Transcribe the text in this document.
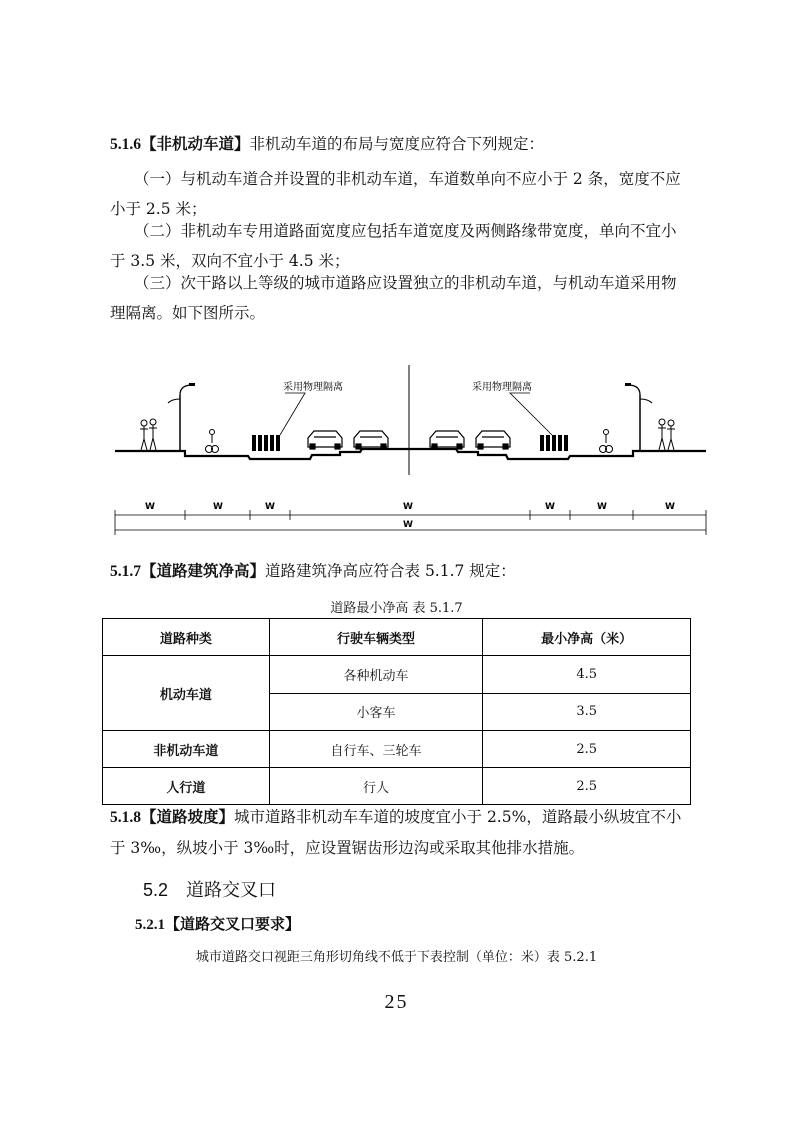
5.1.6【非机动车道】非机动车道的布局与宽度应符合下列规定：
（一）与机动车道合并设置的非机动车道，车道数单向不应小于 2 条，宽度不应小于 2.5 米；
（二）非机动车专用道路面宽度应包括车道宽度及两侧路缘带宽度，单向不宜小于 3.5 米，双向不宜小于 4.5 米；
（三）次干路以上等级的城市道路应设置独立的非机动车道，与机动车道采用物理隔离。如下图所示。
采用物理隔离	采用物理隔离
W	W	W	W	W	W	W
W
5.1.7【道路建筑净高】道路建筑净高应符合表 5.1.7 规定：
道路最小净高 表 5.1.7
道路种类	行驶车辆类型	最小净高（米）
机动车道	各种机动车	4.5
	小客车	3.5
非机动车道	自行车、三轮车	2.5
人行道	行人	2.5
5.1.8【道路坡度】城市道路非机动车车道的坡度宜小于 2.5%，道路最小纵坡宜不小于 3‰，纵坡小于 3‰时，应设置锯齿形边沟或采取其他排水措施。
5.2 道路交叉口
5.2.1【道路交叉口要求】
城市道路交口视距三角形切角线不低于下表控制（单位：米）表 5.2.1
25
